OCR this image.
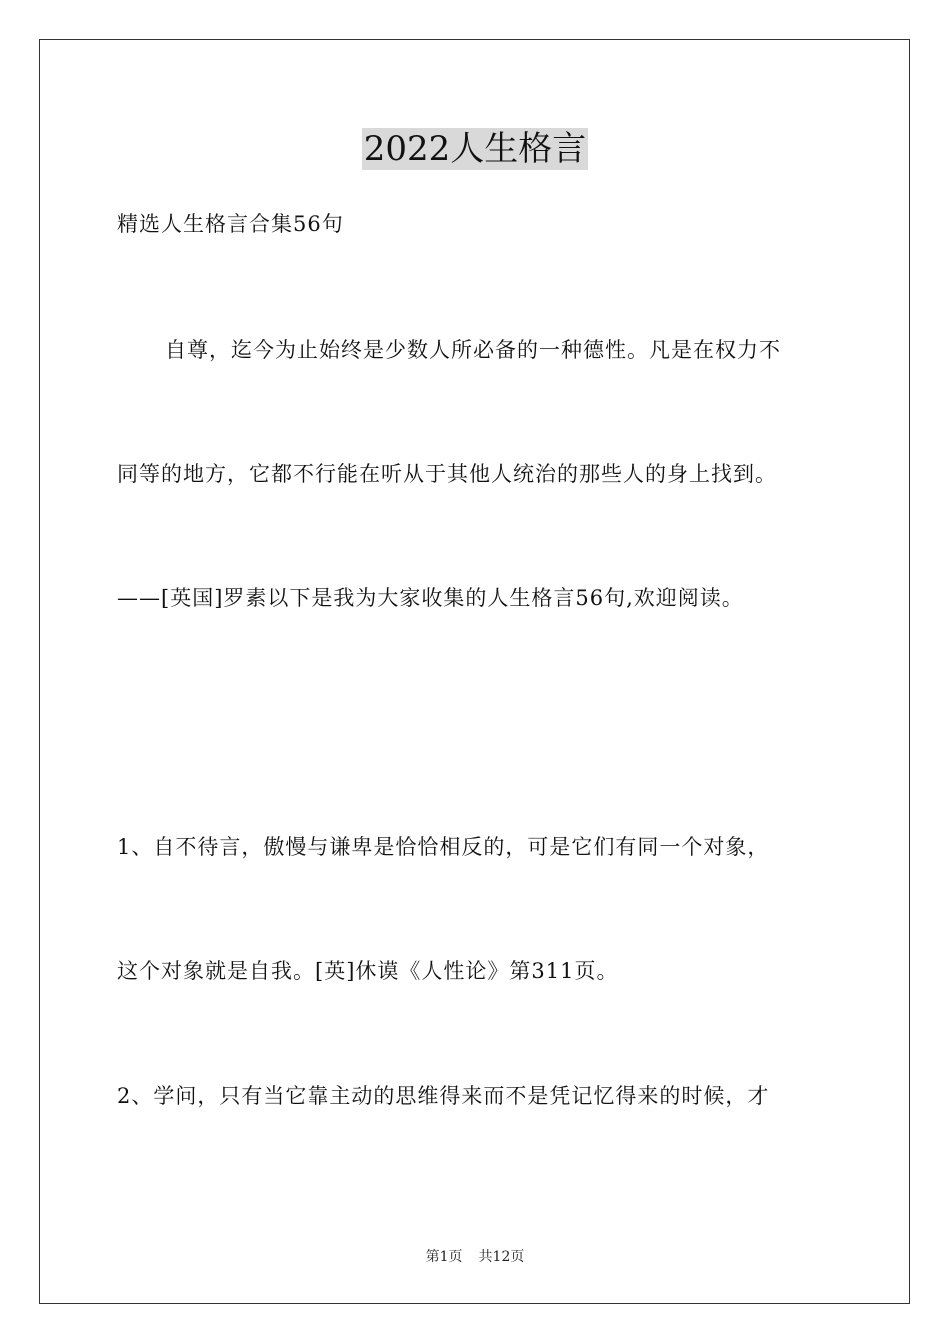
2022人生格言
精选人生格言合集56句
自尊，迄今为止始终是少数人所必备的一种德性。凡是在权力不
同等的地方，它都不行能在听从于其他人统治的那些人的身上找到。
——[英国]罗素以下是我为大家收集的人生格言56句,欢迎阅读。
1、自不待言，傲慢与谦卑是恰恰相反的，可是它们有同一个对象，
这个对象就是自我。[英]休谟《人性论》第311页。
2、学问，只有当它靠主动的思维得来而不是凭记忆得来的时候，才
第1页 共12页
